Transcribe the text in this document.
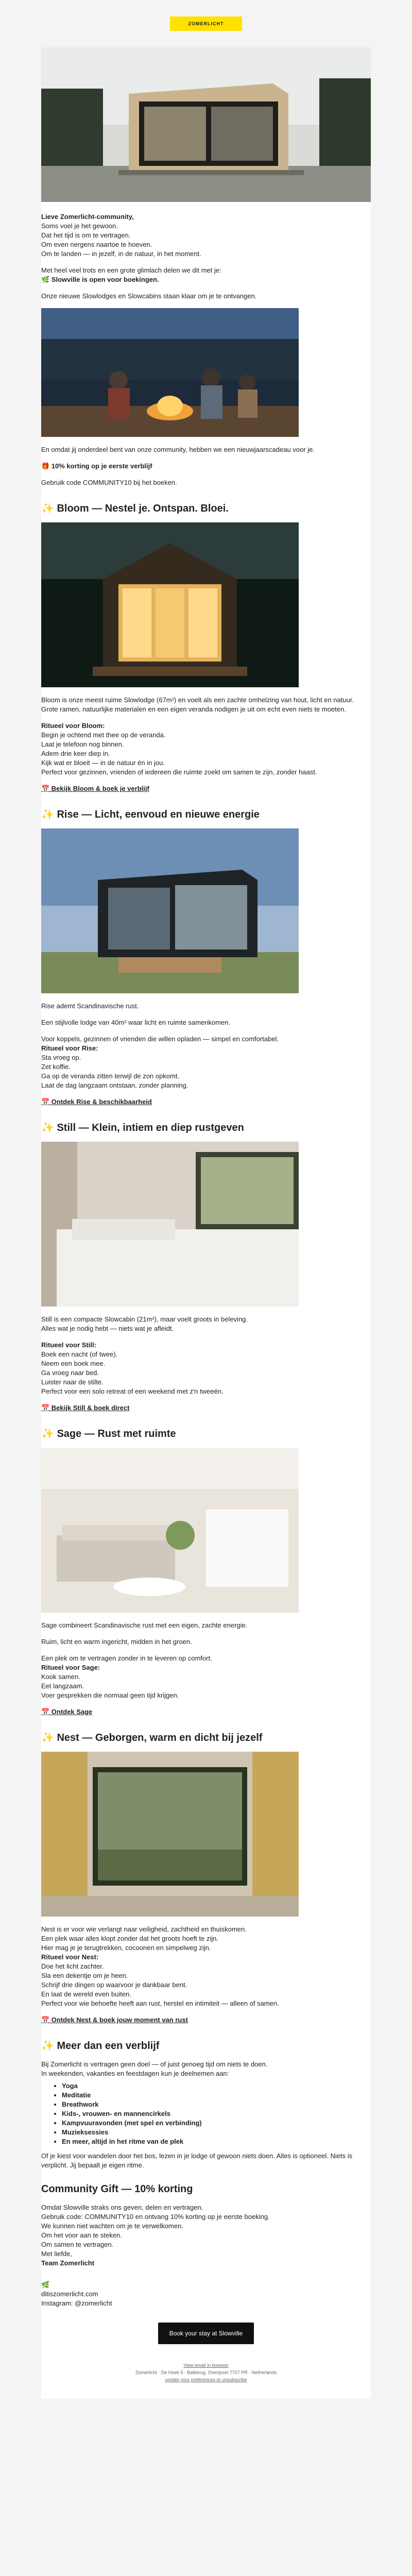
ZOMERLICHT

Lieve Zomerlicht-community,

Soms voel je het gewoon.

Dat het tijd is om te vertragen.

Om even nergens naartoe te hoeven.

Om te landen — in jezelf, in de natuur, in het moment.

Met heel veel trots en een grote glimlach delen we dit met je:

🌿 Slowville is open voor boekingen.

Onze nieuwe Slowlodges en Slowcabins staan klaar om je te ontvangen.

En omdat jij onderdeel bent van onze community, hebben we een nieuwjaarscadeau voor je.

🎁 10% korting op je eerste verblijf

Gebruik code COMMUNITY10 bij het boeken.

✨ Bloom — Nestel je. Ontspan. Bloei.

Bloom is onze meest ruime Slowlodge (67m²) en voelt als een zachte omhelzing van hout, licht en natuur. Grote ramen, natuurlijke materialen en een eigen veranda nodigen je uit om echt even niets te moeten.

Ritueel voor Bloom:

Begin je ochtend met thee op de veranda.

Laat je telefoon nog binnen.

Adem drie keer diep in.

Kijk wat er bloeit — in de natuur én in jou.

Perfect voor gezinnen, vrienden of iedereen die ruimte zoekt om samen te zijn, zonder haast.

📅 Bekijk Bloom & boek je verblijf
✨ Rise — Licht, eenvoud en nieuwe energie

Rise ademt Scandinavische rust.

Een stijlvolle lodge van 40m² waar licht en ruimte samenkomen.

Voor koppels, gezinnen of vrienden die willen opladen — simpel en comfortabel.

Ritueel voor Rise:

Sta vroeg op.

Zet koffie.

Ga op de veranda zitten terwijl de zon opkomt.

Laat de dag langzaam ontstaan, zonder planning.

📅 Ontdek Rise & beschikbaarheid
✨ Still — Klein, intiem en diep rustgeven

Still is een compacte Slowcabin (21m²), maar voelt groots in beleving.

Alles wat je nodig hebt — niets wat je afleidt.

Ritueel voor Still:

Boek een nacht (of twee).

Neem een boek mee.

Ga vroeg naar bed.

Luister naar de stilte.

Perfect voor een solo retreat of een weekend met z'n tweeën.

📅 Bekijk Still & boek direct
✨ Sage — Rust met ruimte

Sage combineert Scandinavische rust met een eigen, zachte energie.

Ruim, licht en warm ingericht, midden in het groen.

Een plek om te vertragen zonder in te leveren op comfort.

Ritueel voor Sage:

Kook samen.

Eet langzaam.

Voer gesprekken die normaal geen tijd krijgen.

📅 Ontdek Sage
✨ Nest — Geborgen, warm en dicht bij jezelf

Nest is er voor wie verlangt naar veiligheid, zachtheid en thuiskomen.

Een plek waar alles klopt zonder dat het groots hoeft te zijn.

Hier mag je je terugtrekken, cocoonen en simpelweg zijn.

Ritueel voor Nest:

Doe het licht zachter.

Sla een dekentje om je heen.

Schrijf drie dingen op waarvoor je dankbaar bent.

En laat de wereld even buiten.

Perfect voor wie behoefte heeft aan rust, herstel en intimiteit — alleen of samen.

📅 Ontdek Nest & boek jouw moment van rust
✨ Meer dan een verblijf

Bij Zomerlicht is vertragen geen doel — of juist genoeg tijd om niets te doen.

In weekenden, vakanties en feestdagen kun je deelnemen aan:

• Yoga
• Meditatie
• Breathwork
• Kids-, vrouwen- en mannencirkels
• Kampvuuravonden (met spel en verbinding)
• Muzieksessies
• En meer, altijd in het ritme van de plek

Of je kiest voor wandelen door het bos, lezen in je lodge of gewoon niets doen. Alles is optioneel. Niets is verplicht. Jij bepaalt je eigen ritme.

Community Gift — 10% korting

Omdat Slowville straks ons geven, delen en vertragen.

Gebruik code: COMMUNITY10 en ontvang 10% korting op je eerste boeking.

We kunnen niet wachten om je te verwelkomen.

Om het voor aan te steken.

Om samen te vertragen.

Met liefde,

Team Zomerlicht

🌿

ditiszomerlicht.com

Instagram: @zomerlicht

Book your stay at Slowville
View email in browser
Zomerlicht · De Hoek 5 · Balkbrug, Overijssel 7707 PR · Netherlands
update your preferences or unsubscribe
